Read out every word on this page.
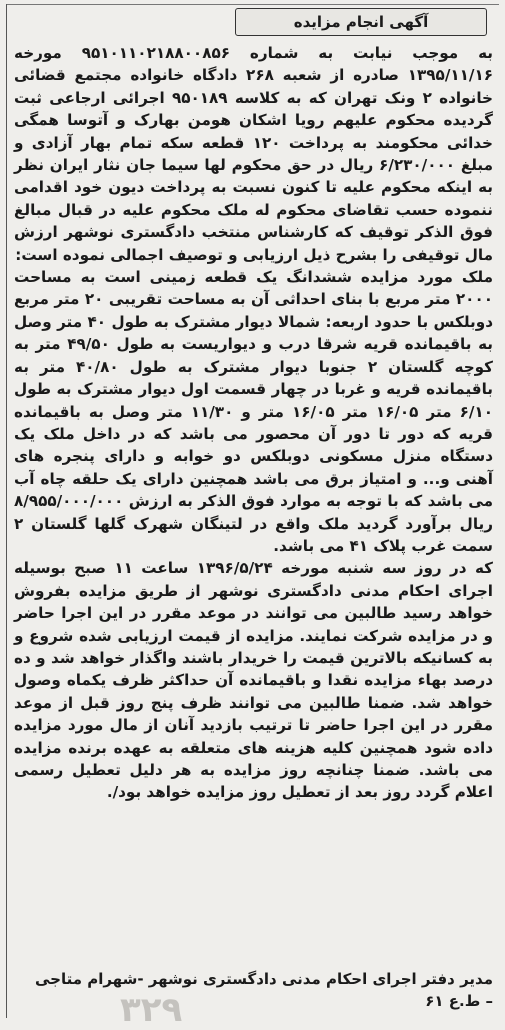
آگهی انجام مزایده

به موجب نیابت به شماره ۹۵۱۰۱۱۰۲۱۸۸۰۰۸۵۶ مورخه ۱۳۹۵/۱۱/۱۶ صادره از شعبه ۲۶۸ دادگاه خانواده مجتمع قضائی خانواده ۲ ونک تهران که به کلاسه ۹۵۰۱۸۹ اجرائی ارجاعی ثبت گردیده محکوم علیهم رویا اشکان هومن بهارک و آتوسا همگی خدائی محکومند به پرداخت ۱۲۰ قطعه سکه تمام بهار آزادی و مبلغ ۶/۲۳۰/۰۰۰ ریال در حق محکوم لها سیما جان نثار ایران نظر به اینکه محکوم علیه تا کنون نسبت به پرداخت دیون خود اقدامی ننموده حسب تقاضای محکوم له ملک محکوم علیه در قبال مبالغ فوق الذکر توقیف که کارشناس منتخب دادگستری نوشهر ارزش مال توقیفی را بشرح ذیل ارزیابی و توصیف اجمالی نموده است:

ملک مورد مزایده ششدانگ یک قطعه زمینی است به مساحت ۲۰۰۰ متر مربع با بنای احداثی آن به مساحت تقریبی ۲۰ متر مربع دوبلکس با حدود اربعه: شمالا دیوار مشترک به طول ۴۰ متر وصل به باقیمانده قریه شرقا درب و دیواریست به طول ۴۹/۵۰ متر به کوچه گلستان ۲ جنوبا دیوار مشترک به طول ۴۰/۸۰ متر به باقیمانده قریه و غربا در چهار قسمت اول دیوار مشترک به طول ۶/۱۰ متر ۱۶/۰۵ متر ۱۶/۰۵ متر و ۱۱/۳۰ متر وصل به باقیمانده قریه که دور تا دور آن محصور می باشد که در داخل ملک یک دستگاه منزل مسکونی دوبلکس دو خوابه و دارای پنجره های آهنی و... و امتیاز برق می باشد همچنین دارای یک حلقه چاه آب می باشد که با توجه به موارد فوق الذکر به ارزش ۸/۹۵۵/۰۰۰/۰۰۰ ریال برآورد گردید ملک واقع در لتینگان شهرک گلها گلستان ۲ سمت غرب پلاک ۴۱ می باشد.

که در روز سه شنبه مورخه ۱۳۹۶/۵/۲۴ ساعت ۱۱ صبح بوسیله اجرای احکام مدنی دادگستری نوشهر از طریق مزایده بفروش خواهد رسید طالبین می توانند در موعد مقرر در این اجرا حاضر و در مزایده شرکت نمایند. مزایده از قیمت ارزیابی شده شروع و به کسانیکه بالاترین قیمت را خریدار باشند واگذار خواهد شد و ده درصد بهاء مزایده نقدا و باقیمانده آن حداکثر ظرف یکماه وصول خواهد شد. ضمنا طالبین می توانند ظرف پنج روز قبل از موعد مقرر در این اجرا حاضر تا ترتیب بازدید آنان از مال مورد مزایده داده شود همچنین کلیه هزینه های متعلقه به عهده برنده مزایده می باشد. ضمنا چنانچه روز مزایده به هر دلیل تعطیل رسمی اعلام گردد روز بعد از تعطیل روز مزایده خواهد بود/.

مدیر دفتر اجرای احکام مدنی دادگستری نوشهر -شهرام متاجی
– ط.ع ۶۱
۳۲۹
